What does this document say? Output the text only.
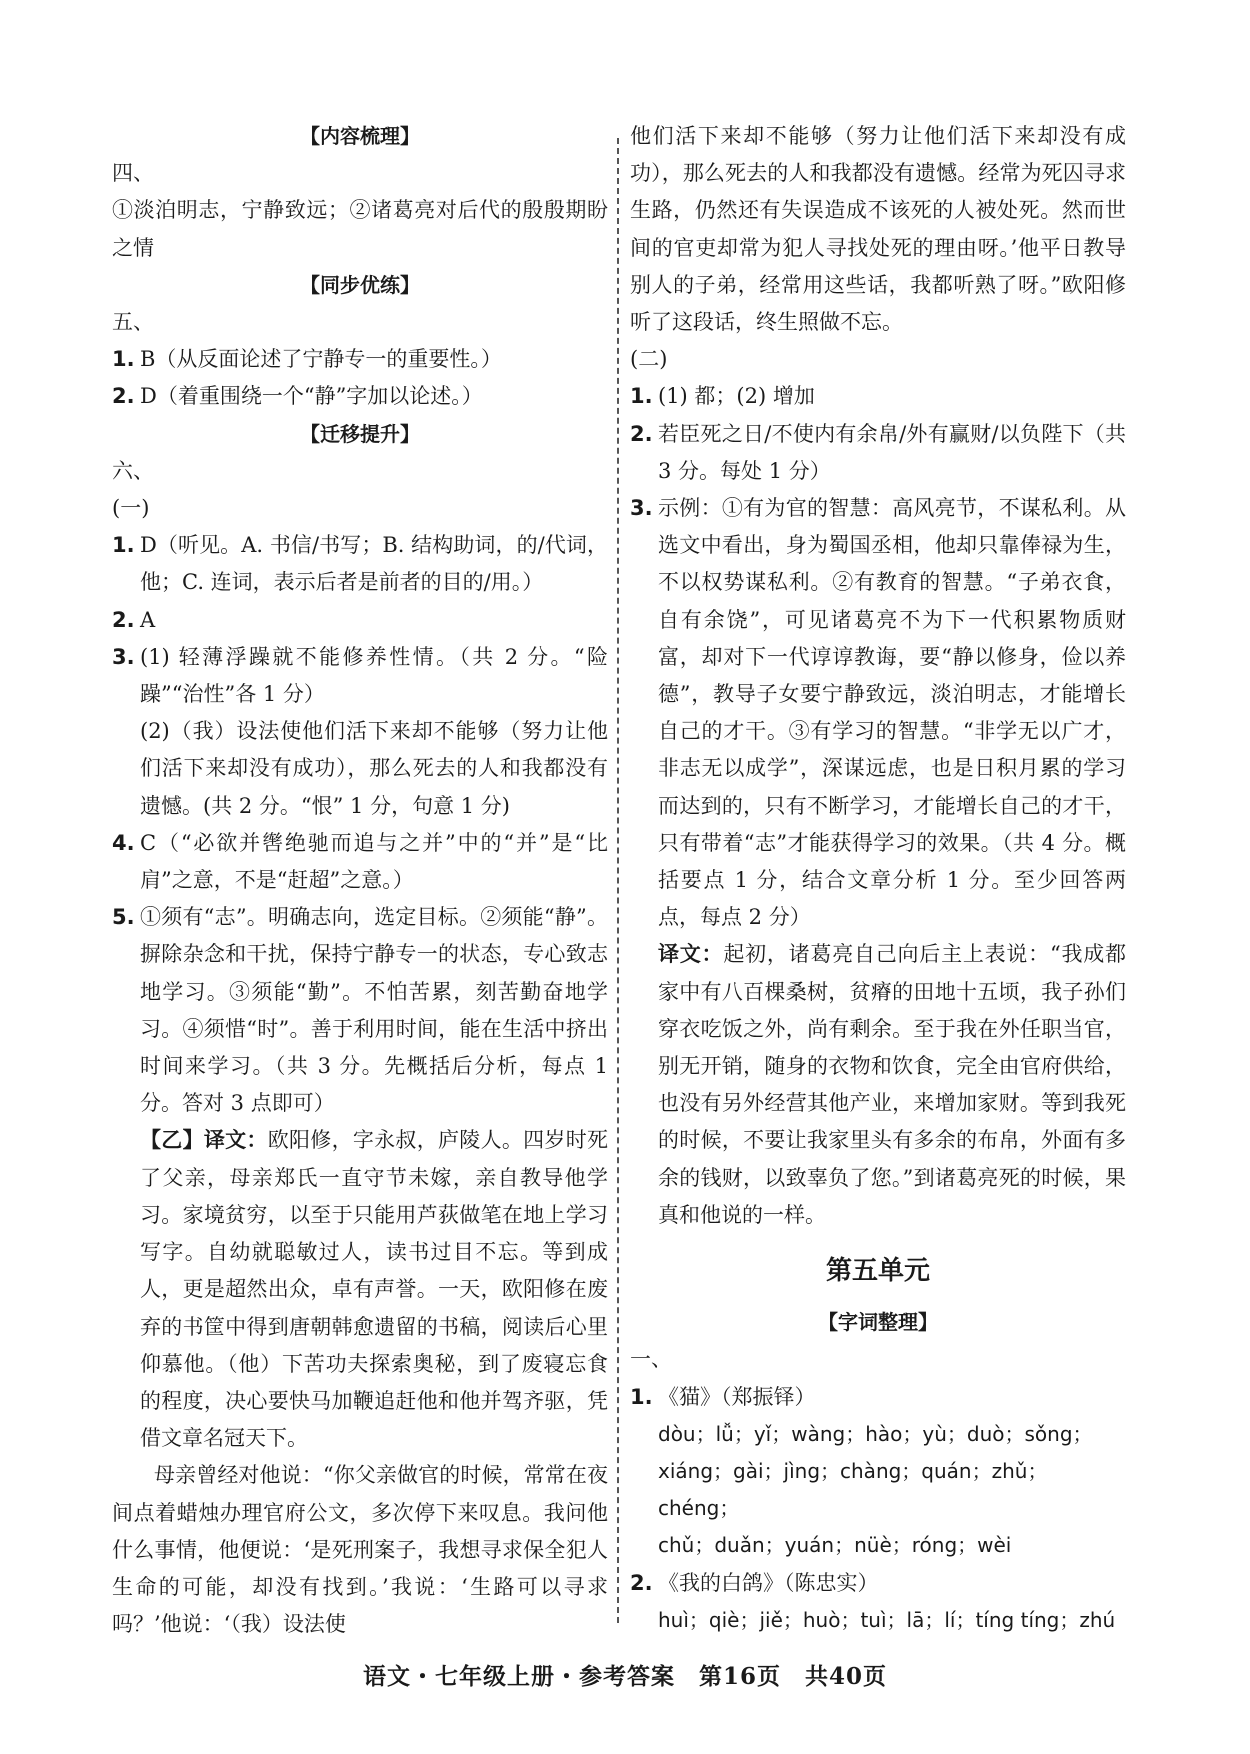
【内容梳理】
四、
①淡泊明志，宁静致远；②诸葛亮对后代的殷殷期盼之情
【同步优练】
五、
1. B（从反面论述了宁静专一的重要性。）
2. D（着重围绕一个“静”字加以论述。）
【迁移提升】
六、
(一)
1. D（听见。A. 书信/书写；B. 结构助词，的/代词，他；C. 连词，表示后者是前者的目的/用。）
2. A
3. (1) 轻薄浮躁就不能修养性情。（共 2 分。“险躁”“治性”各 1 分）
(2)（我）设法使他们活下来却不能够（努力让他们活下来却没有成功），那么死去的人和我都没有遗憾。(共 2 分。“恨” 1 分，句意 1 分)
4. C（“必欲并辔绝驰而追与之并”中的“并”是“比肩”之意，不是“赶超”之意。）
5. ①须有“志”。明确志向，选定目标。②须能“静”。摒除杂念和干扰，保持宁静专一的状态，专心致志地学习。③须能“勤”。不怕苦累，刻苦勤奋地学习。④须惜“时”。善于利用时间，能在生活中挤出时间来学习。（共 3 分。先概括后分析，每点 1 分。答对 3 点即可）
【乙】译文：欧阳修，字永叔，庐陵人。四岁时死了父亲，母亲郑氏一直守节未嫁，亲自教导他学习。家境贫穷，以至于只能用芦荻做笔在地上学习写字。自幼就聪敏过人，读书过目不忘。等到成人，更是超然出众，卓有声誉。一天，欧阳修在废弃的书筐中得到唐朝韩愈遗留的书稿，阅读后心里仰慕他。（他）下苦功夫探索奥秘，到了废寝忘食的程度，决心要快马加鞭追赶他和他并驾齐驱，凭借文章名冠天下。
母亲曾经对他说：“你父亲做官的时候，常常在夜间点着蜡烛办理官府公文，多次停下来叹息。我问他什么事情，他便说：‘是死刑案子，我想寻求保全犯人生命的可能，却没有找到。’我说：‘生路可以寻求吗？’他说：‘（我）设法使
他们活下来却不能够（努力让他们活下来却没有成功），那么死去的人和我都没有遗憾。经常为死囚寻求生路，仍然还有失误造成不该死的人被处死。然而世间的官吏却常为犯人寻找处死的理由呀。’他平日教导别人的子弟，经常用这些话，我都听熟了呀。”欧阳修听了这段话，终生照做不忘。
(二)
1. (1) 都；(2) 增加
2. 若臣死之日/不使内有余帛/外有赢财/以负陛下（共 3 分。每处 1 分）
3. 示例：①有为官的智慧：高风亮节，不谋私利。从选文中看出，身为蜀国丞相，他却只靠俸禄为生，不以权势谋私利。②有教育的智慧。“子弟衣食，自有余饶”，可见诸葛亮不为下一代积累物质财富，却对下一代谆谆教诲，要“静以修身，俭以养德”，教导子女要宁静致远，淡泊明志，才能增长自己的才干。③有学习的智慧。“非学无以广才，非志无以成学”，深谋远虑，也是日积月累的学习而达到的，只有不断学习，才能增长自己的才干，只有带着“志”才能获得学习的效果。（共 4 分。概括要点 1 分，结合文章分析 1 分。至少回答两点，每点 2 分）
译文：起初，诸葛亮自己向后主上表说：“我成都家中有八百棵桑树，贫瘠的田地十五顷，我子孙们穿衣吃饭之外，尚有剩余。至于我在外任职当官，别无开销，随身的衣物和饮食，完全由官府供给，也没有另外经营其他产业，来增加家财。等到我死的时候，不要让我家里头有多余的布帛，外面有多余的钱财，以致辜负了您。”到诸葛亮死的时候，果真和他说的一样。
第五单元
【字词整理】
一、
1. 《猫》（郑振铎）
dòu；lǚ；yǐ；wàng；hào；yù；duò；sǒng；
xiáng；gài；jìng；chàng；quán；zhǔ；chéng；
chǔ；duǎn；yuán；nüè；róng；wèi
2. 《我的白鸽》（陈忠实）
huì；qiè；jiě；huò；tuì；lā；lí；tíng tíng；zhú
语文・七年级上册・参考答案　第16页　共40页
